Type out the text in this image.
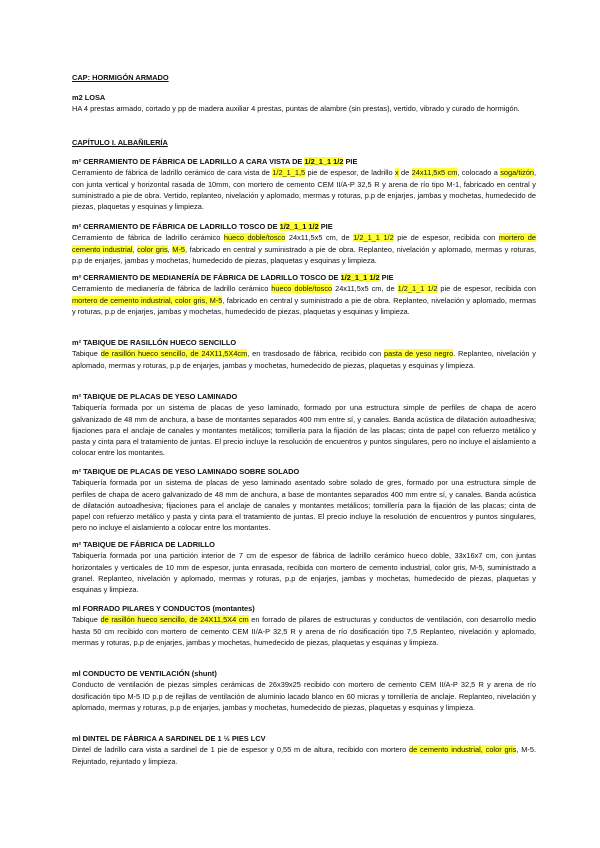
CAP: HORMIGÓN ARMADO
m2 LOSA
HA 4 prestas armado, cortado y pp de madera auxiliar 4 prestas, puntas de alambre (sin prestas), vertido, vibrado y curado de hormigón.
CAPÍTULO I. ALBAÑILERÍA
m² CERRAMIENTO DE FÁBRICA DE LADRILLO A CARA VISTA DE 1/2_1_1 1/2 PIE
Cerramiento de fábrica de ladrillo cerámico de cara vista de 1/2_1_1,5 pie de espesor, de ladrillo x de 24x11,5x5 cm, colocado a soga/tizón, con junta vertical y horizontal rasada de 10mm, con mortero de cemento CEM II/A-P 32,5 R y arena de río tipo M-1, fabricado en central y suministrado a pie de obra. Vertido, replanteo, nivelación y aplomado, mermas y roturas, p.p de enjarjes, jambas y mochetas, humedecido de piezas, plaquetas y esquinas y limpieza.
m² CERRAMIENTO DE FÁBRICA DE LADRILLO TOSCO DE 1/2_1_1 1/2 PIE
Cerramiento de fábrica de ladrillo cerámico hueco doble/tosco 24x11,5x5 cm, de 1/2_1_1 1/2 pie de espesor, recibida con mortero de cemento industrial, color gris, M-5, fabricado en central y suministrado a pie de obra. Replanteo, nivelación y aplomado, mermas y roturas, p.p de enjarjes, jambas y mochetas, humedecido de piezas, plaquetas y esquinas y limpieza.
m² CERRAMIENTO DE MEDIANERÍA DE FÁBRICA DE LADRILLO TOSCO DE 1/2_1_1 1/2 PIE
Cerramiento de medianería de fábrica de ladrillo cerámico hueco doble/tosco 24x11,5x5 cm, de 1/2_1_1 1/2 pie de espesor, recibida con mortero de cemento industrial, color gris, M-5, fabricado en central y suministrado a pie de obra. Replanteo, nivelación y aplomado, mermas y roturas, p.p de enjarjes, jambas y mochetas, humedecido de piezas, plaquetas y esquinas y limpieza.
m² TABIQUE DE RASILLÓN HUECO SENCILLO
Tabique de rasillón hueco sencillo, de 24X11,5X4cm, en trasdosado de fábrica, recibido con pasta de yeso negro. Replanteo, nivelación y aplomado, mermas y roturas, p.p de enjarjes, jambas y mochetas, humedecido de piezas, plaquetas y esquinas y limpieza.
m² TABIQUE DE PLACAS DE YESO LAMINADO
Tabiquería formada por un sistema de placas de yeso laminado, formado por una estructura simple de perfiles de chapa de acero galvanizado de 48 mm de anchura, a base de montantes separados 400 mm entre sí, y canales. Banda acústica de dilatación autoadhesiva; fijaciones para el anclaje de canales y montantes metálicos; tornillería para la fijación de las placas; cinta de papel con refuerzo metálico y pasta y cinta para el tratamiento de juntas. El precio incluye la resolución de encuentros y puntos singulares, pero no incluye el aislamiento a colocar entre los montantes.
m² TABIQUE DE PLACAS DE YESO LAMINADO SOBRE SOLADO
Tabiquería formada por un sistema de placas de yeso laminado asentado sobre solado de gres, formado por una estructura simple de perfiles de chapa de acero galvanizado de 48 mm de anchura, a base de montantes separados 400 mm entre sí, y canales. Banda acústica de dilatación autoadhesiva; fijaciones para el anclaje de canales y montantes metálicos; tornillería para la fijación de las placas; cinta de papel con refuerzo metálico y pasta y cinta para el tratamiento de juntas. El precio incluye la resolución de encuentros y puntos singulares, pero no incluye el aislamiento a colocar entre los montantes.
m² TABIQUE DE FÁBRICA DE LADRILLO
Tabiquería formada por una partición interior de 7 cm de espesor de fábrica de ladrillo cerámico hueco doble, 33x16x7 cm, con juntas horizontales y verticales de 10 mm de espesor, junta enrasada, recibida con mortero de cemento industrial, color gris, M-5, suministrado a granel. Replanteo, nivelación y aplomado, mermas y roturas, p.p de enjarjes, jambas y mochetas, humedecido de piezas, plaquetas y esquinas y limpieza.
ml FORRADO PILARES Y CONDUCTOS (montantes)
Tabique de rasillón hueco sencillo, de 24X11,5X4 cm en forrado de pilares de estructuras y conductos de ventilación, con desarrollo medio hasta 50 cm recibido con mortero de cemento CEM II/A-P 32,5 R y arena de río dosificación tipo 7,5 Replanteo, nivelación y aplomado, mermas y roturas, p.p de enjarjes, jambas y mochetas, humedecido de piezas, plaquetas y esquinas y limpieza.
ml CONDUCTO DE VENTILACIÓN (shunt)
Conducto de ventilación de piezas simples cerámicas de 26x39x25 recibido con mortero de cemento CEM II/A-P 32,5 R y arena de río dosificación tipo M-5 ID p.p de rejillas de ventilación de aluminio lacado blanco en 60 micras y tornillería de anclaje. Replanteo, nivelación y aplomado, mermas y roturas, p.p de enjarjes, jambas y mochetas, humedecido de piezas, plaquetas y esquinas y limpieza.
ml DINTEL DE FÁBRICA A SARDINEL DE 1 ½ PIES LCV
Dintel de ladrillo cara vista a sardinel de 1 pie de espesor y 0,55 m de altura, recibido con mortero de cemento industrial, color gris, M-5. Rejuntado, rejuntado y limpieza.
